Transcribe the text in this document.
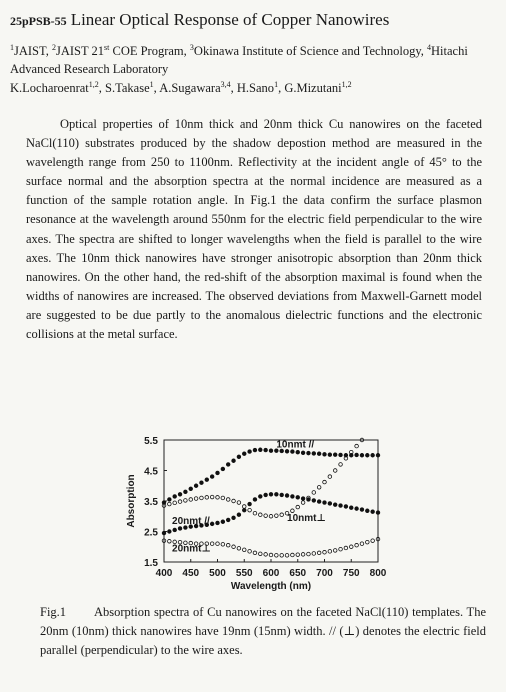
25pPSB-55 Linear Optical Response of Copper Nanowires
$^1$JAIST, $^2$JAIST 21st COE Program, $^3$Okinawa Institute of Science and Technology, $^4$Hitachi Advanced Research Laboratory
K.Locharoenrat$^{1,2}$, S.Takase$^1$, A.Sugawara$^{3,4}$, H.Sano$^1$, G.Mizutani$^{1,2}$
Optical properties of 10nm thick and 20nm thick Cu nanowires on the faceted NaCl(110) substrates produced by the shadow depostion method are measured in the wavelength range from 250 to 1100nm. Reflectivity at the incident angle of 45° to the surface normal and the absorption spectra at the normal incidence are measured as a function of the sample rotation angle. In Fig.1 the data confirm the surface plasmon resonance at the wavelength around 550nm for the electric field perpendicular to the wire axes. The spectra are shifted to longer wavelengths when the field is parallel to the wire axes. The 10nm thick nanowires have stronger anisotropic absorption than 20nm thick nanowires. On the other hand, the red-shift of the absorption maximal is found when the widths of nanowires are increased. The observed deviations from Maxwell-Garnett model are suggested to be due partly to the anomalous dielectric functions and the electronic collisions at the metal surface.
400 450 500 550 600 650 700 750 800
1.5
2.5
3.5
4.5
5.5
Wavelength (nm)
Absorption
10nmt //
10nmt⊥
20nmt //
20nmt⊥
Fig.1 Absorption spectra of Cu nanowires on the faceted NaCl(110) templates. The 20nm (10nm) thick nanowires have 19nm (15nm) width. // (⊥) denotes the electric field parallel (perpendicular) to the wire axes.
